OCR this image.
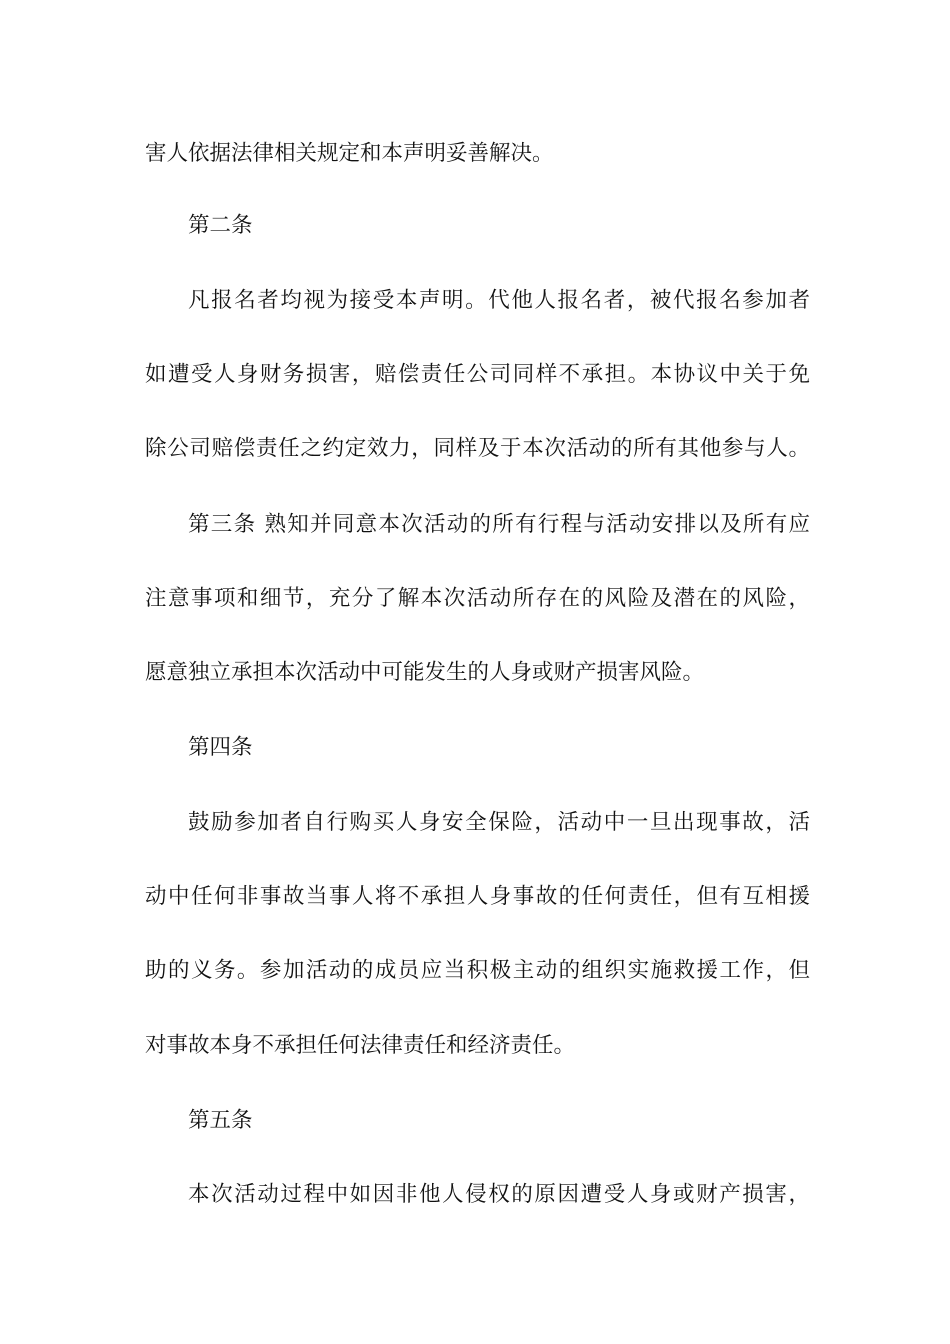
害人依据法律相关规定和本声明妥善解决。
第二条
凡报名者均视为接受本声明。代他人报名者，被代报名参加者
如遭受人身财务损害，赔偿责任公司同样不承担。本协议中关于免
除公司赔偿责任之约定效力，同样及于本次活动的所有其他参与人。
第三条 熟知并同意本次活动的所有行程与活动安排以及所有应
注意事项和细节，充分了解本次活动所存在的风险及潜在的风险，
愿意独立承担本次活动中可能发生的人身或财产损害风险。
第四条
鼓励参加者自行购买人身安全保险，活动中一旦出现事故，活
动中任何非事故当事人将不承担人身事故的任何责任，但有互相援
助的义务。参加活动的成员应当积极主动的组织实施救援工作，但
对事故本身不承担任何法律责任和经济责任。
第五条
本次活动过程中如因非他人侵权的原因遭受人身或财产损害，
